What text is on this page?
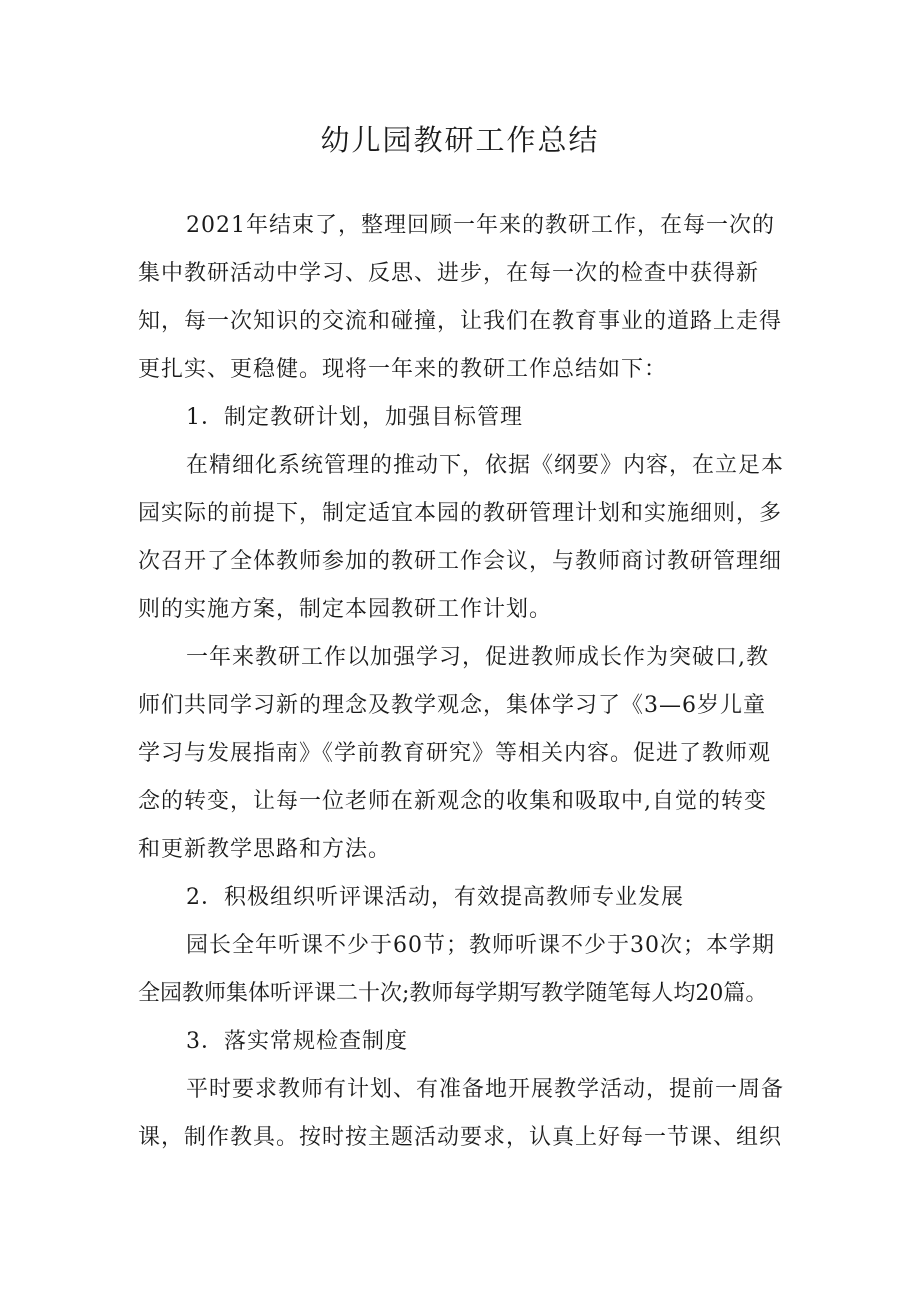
幼儿园教研工作总结

2021年结束了，整理回顾一年来的教研工作，在每一次的

集中教研活动中学习、反思、进步，在每一次的检查中获得新

知，每一次知识的交流和碰撞，让我们在教育事业的道路上走得

更扎实、更稳健。现将一年来的教研工作总结如下：

1．制定教研计划，加强目标管理

在精细化系统管理的推动下，依据《纲要》内容，在立足本

园实际的前提下，制定适宜本园的教研管理计划和实施细则，多

次召开了全体教师参加的教研工作会议，与教师商讨教研管理细

则的实施方案，制定本园教研工作计划。

一年来教研工作以加强学习，促进教师成长作为突破口,教

师们共同学习新的理念及教学观念，集体学习了《3—6岁儿童

学习与发展指南》《学前教育研究》等相关内容。促进了教师观

念的转变，让每一位老师在新观念的收集和吸取中,自觉的转变

和更新教学思路和方法。

2．积极组织听评课活动，有效提高教师专业发展

园长全年听课不少于60节；教师听课不少于30次；本学期

全园教师集体听评课二十次;教师每学期写教学随笔每人均20篇。

3．落实常规检查制度

平时要求教师有计划、有准备地开展教学活动，提前一周备

课，制作教具。按时按主题活动要求，认真上好每一节课、组织
